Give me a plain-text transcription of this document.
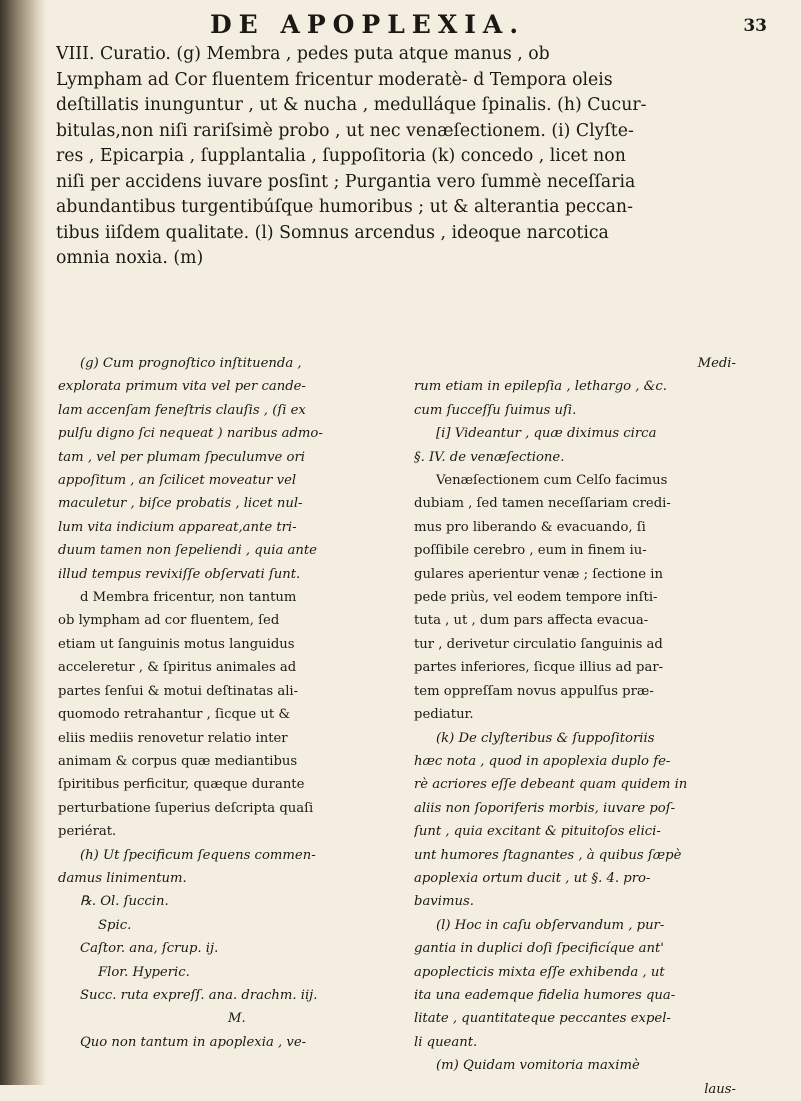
DE APOPLEXIA.	33
VIII. Curatio. (g) Membra , pedes puta atque manus , ob
Lympham ad Cor fluentem fricentur moderatè- d Tempora oleis
deſtillatis inunguntur , ut & nucha , medulláque ſpinalis. (h) Cucur-
bitulas,non niſi rariſsimè probo , ut nec venæſectionem. (i) Clyſte-
res , Epicarpia , ſupplantalia , ſuppoſitoria (k) concedo , licet non
niſi per accidens iuvare posſint ; Purgantia vero ſummè neceſſaria
abundantibus turgentibúſque humoribus ; ut & alterantia peccan-
tibus iiſdem qualitate. (l) Somnus arcendus , ideoque narcotica
omnia noxia. (m)
(g) Cum prognoſtico inſtituenda ,
explorata primum vita vel per cande-
lam accenſam feneſtris clauſis , (ſi ex
pulſu digno ſci nequeat ) naribus admo-
tam , vel per plumam ſpeculumve ori
appoſitum , an ſcilicet moveatur vel
maculetur , biſce probatis , licet nul-
lum vita indicium appareat,ante tri-
duum tamen non ſepeliendi , quia ante
illud tempus revixiſſe obſervati ſunt.
d Membra fricentur, non tantum
ob lympham ad cor fluentem, ſed
etiam ut ſanguinis motus languidus
acceleretur , & ſpiritus animales ad
partes ſenſui & motui deſtinatas ali-
quomodo retrahantur , ſicque ut &
eliis mediis renovetur relatio inter
animam & corpus quæ mediantibus
ſpiritibus perficitur, quæque durante
perturbatione ſuperius deſcripta quaſi
periérat.
(h) Ut ſpecificum ſequens commen-
damus linimentum.
℞. Ol. ſuccin.
Spic.
Caſtor. ana, ſcrup. ij.
Flor. Hyperic.
Succ. ruta expreſſ. ana. drachm. iij.
M.
Quo non tantum in apoplexia , ve-
Medi-
rum etiam in epilepſia , lethargo , &c.
cum ſucceſſu ſuimus uſi.
[i] Videantur , quæ diximus circa
§. IV. de venæſectione.
Venæſectionem cum Celſo facimus
dubiam , ſed tamen neceſſariam credi-
mus pro liberando & evacuando, ſi
poſſibile cerebro , eum in finem iu-
gulares aperientur venæ ; ſectione in
pede priùs, vel eodem tempore inſti-
tuta , ut , dum pars affecta evacua-
tur , derivetur circulatio ſanguinis ad
partes inferiores, ſicque illius ad par-
tem oppreſſam novus appulſus præ-
pediatur.
(k) De clyſteribus & ſuppoſitoriis
hæc nota , quod in apoplexia duplo fe-
rè acriores eſſe debeant quam quidem in
aliis non ſoporiferis morbis, iuvare poſ-
ſunt , quia excitant & pituitoſos elici-
unt humores ſtagnantes , à quibus ſæpè
apoplexia ortum ducit , ut §. 4. pro-
bavimus.
(l) Hoc in caſu obſervandum , pur-
gantia in duplici doſi ſpecificíque ant'
apoplecticis mixta eſſe exhibenda , ut
ita una eademque fidelia humores qua-
litate , quantitateque peccantes expel-
li queant.
(m) Quidam vomitoria maximè
laus-
